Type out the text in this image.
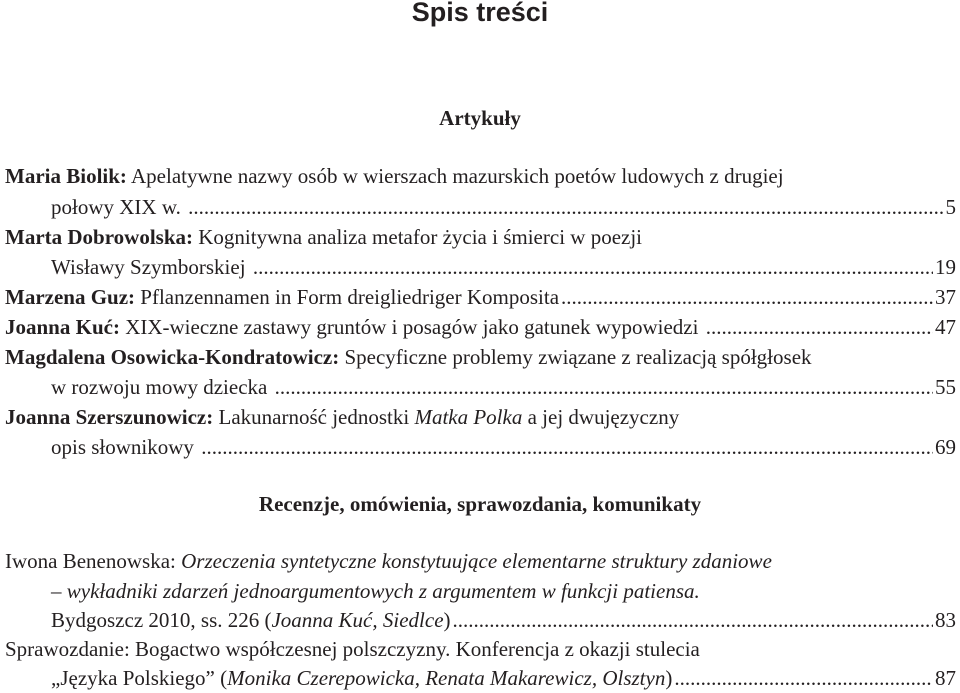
Spis treści
Artykuły
Maria Biolik: Apelatywne nazwy osób w wierszach mazurskich poetów ludowych z drugiej
połowy XIX w. .....	5
Marta Dobrowolska: Kognitywna analiza metafor życia i śmierci w poezji
Wisławy Szymborskiej .....	19
Marzena Guz: Pflanzennamen in Form dreigliedriger Komposita .....	37
Joanna Kuć: XIX-wieczne zastawy gruntów i posagów jako gatunek wypowiedzi .....	47
Magdalena Osowicka-Kondratowicz: Specyficzne problemy związane z realizacją spółgłosek
w rozwoju mowy dziecka .....	55
Joanna Szerszunowicz: Lakunarność jednostki Matka Polka a jej dwujęzyczny
opis słownikowy .....	69
Recenzje, omówienia, sprawozdania, komunikaty
Iwona Benenowska: Orzeczenia syntetyczne konstytuujące elementarne struktury zdaniowe
– wykładniki zdarzeń jednoargumentowych z argumentem w funkcji patiensa.
Bydgoszcz 2010, ss. 226 ( Joanna Kuć, Siedlce ) .....	83
Sprawozdanie: Bogactwo współczesnej polszczyzny. Konferencja z okazji stulecia
„Języka Polskiego” ( Monika Czerepowicka, Renata Makarewicz, Olsztyn ) .....	87
